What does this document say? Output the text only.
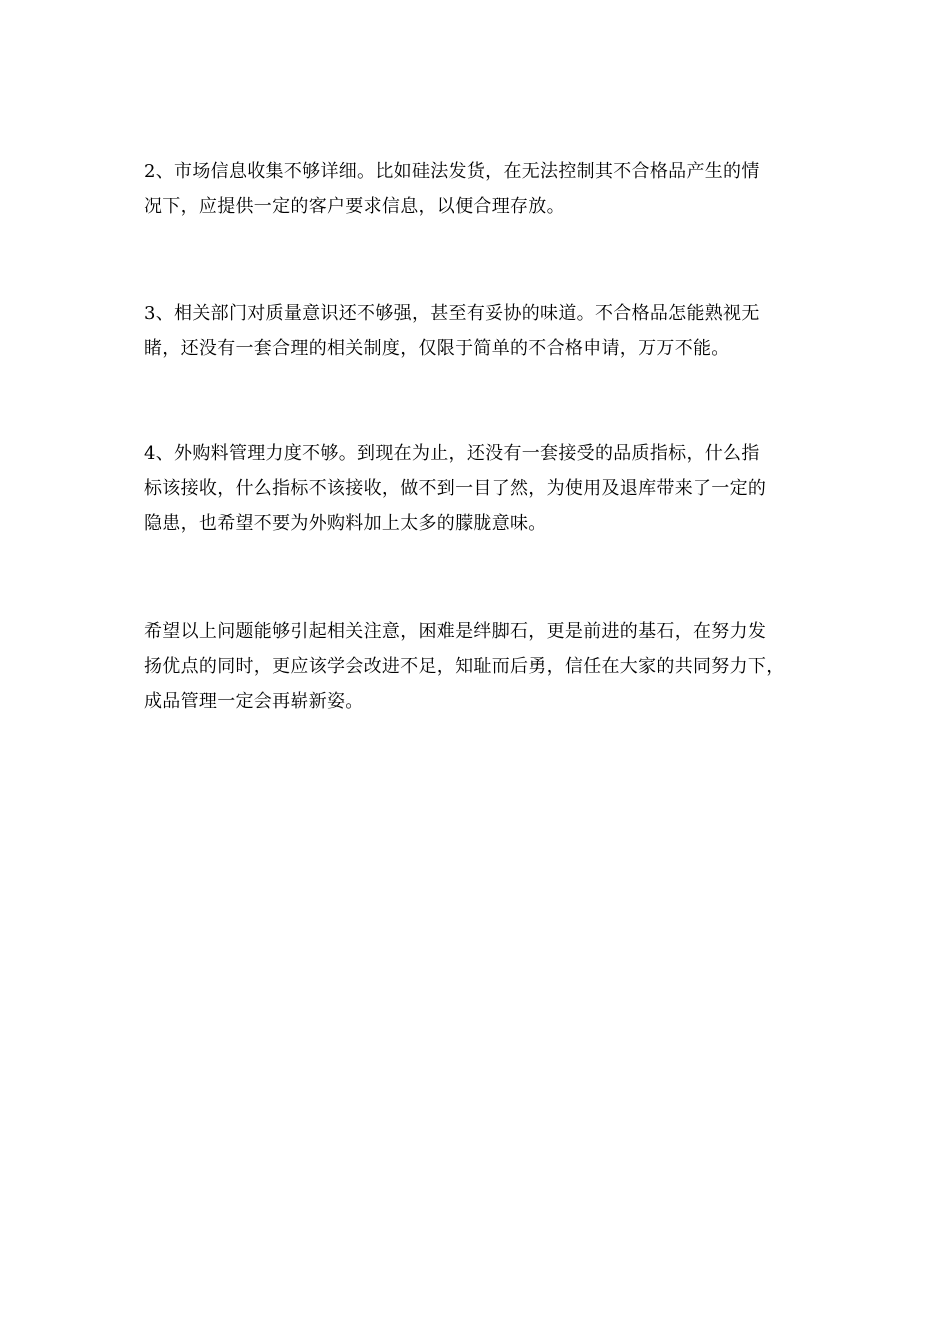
2、市场信息收集不够详细。比如硅法发货，在无法控制其不合格品产生的情
况下，应提供一定的客户要求信息，以便合理存放。

3、相关部门对质量意识还不够强，甚至有妥协的味道。不合格品怎能熟视无
睹，还没有一套合理的相关制度，仅限于简单的不合格申请，万万不能。

4、外购料管理力度不够。到现在为止，还没有一套接受的品质指标，什么指
标该接收，什么指标不该接收，做不到一目了然，为使用及退库带来了一定的
隐患，也希望不要为外购料加上太多的朦胧意味。

希望以上问题能够引起相关注意，困难是绊脚石，更是前进的基石，在努力发
扬优点的同时，更应该学会改进不足，知耻而后勇，信任在大家的共同努力下，
成品管理一定会再崭新姿。
